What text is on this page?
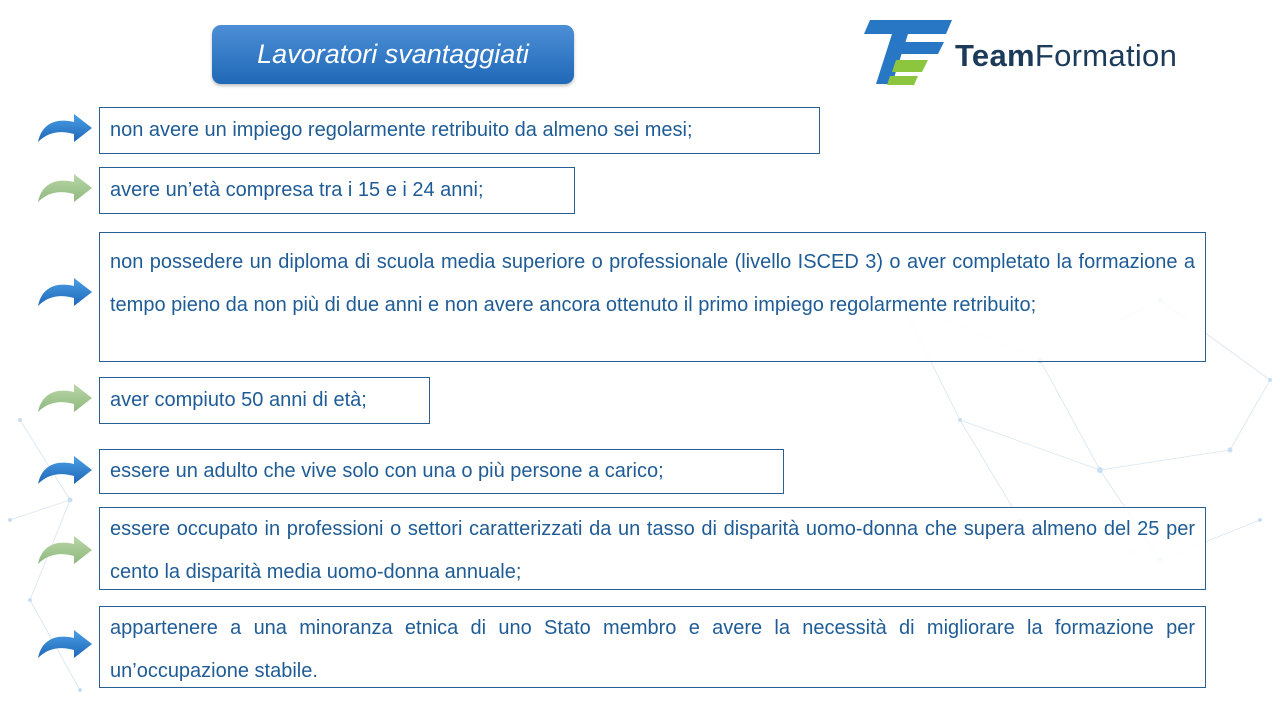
Lavoratori svantaggiati	TeamFormation
non avere un impiego regolarmente retribuito da almeno sei mesi;
avere un’età compresa tra i 15 e i 24 anni;
non possedere un diploma di scuola media superiore o professionale (livello ISCED 3) o aver completato la formazione a tempo pieno da non più di due anni e non avere ancora ottenuto il primo impiego regolarmente retribuito;
aver compiuto 50 anni di età;
essere un adulto che vive solo con una o più persone a carico;
essere occupato in professioni o settori caratterizzati da un tasso di disparità uomo-donna che supera almeno del 25 per cento la disparità media uomo-donna annuale;
appartenere a una minoranza etnica di uno Stato membro e avere la necessità di migliorare la formazione per un’occupazione stabile.
